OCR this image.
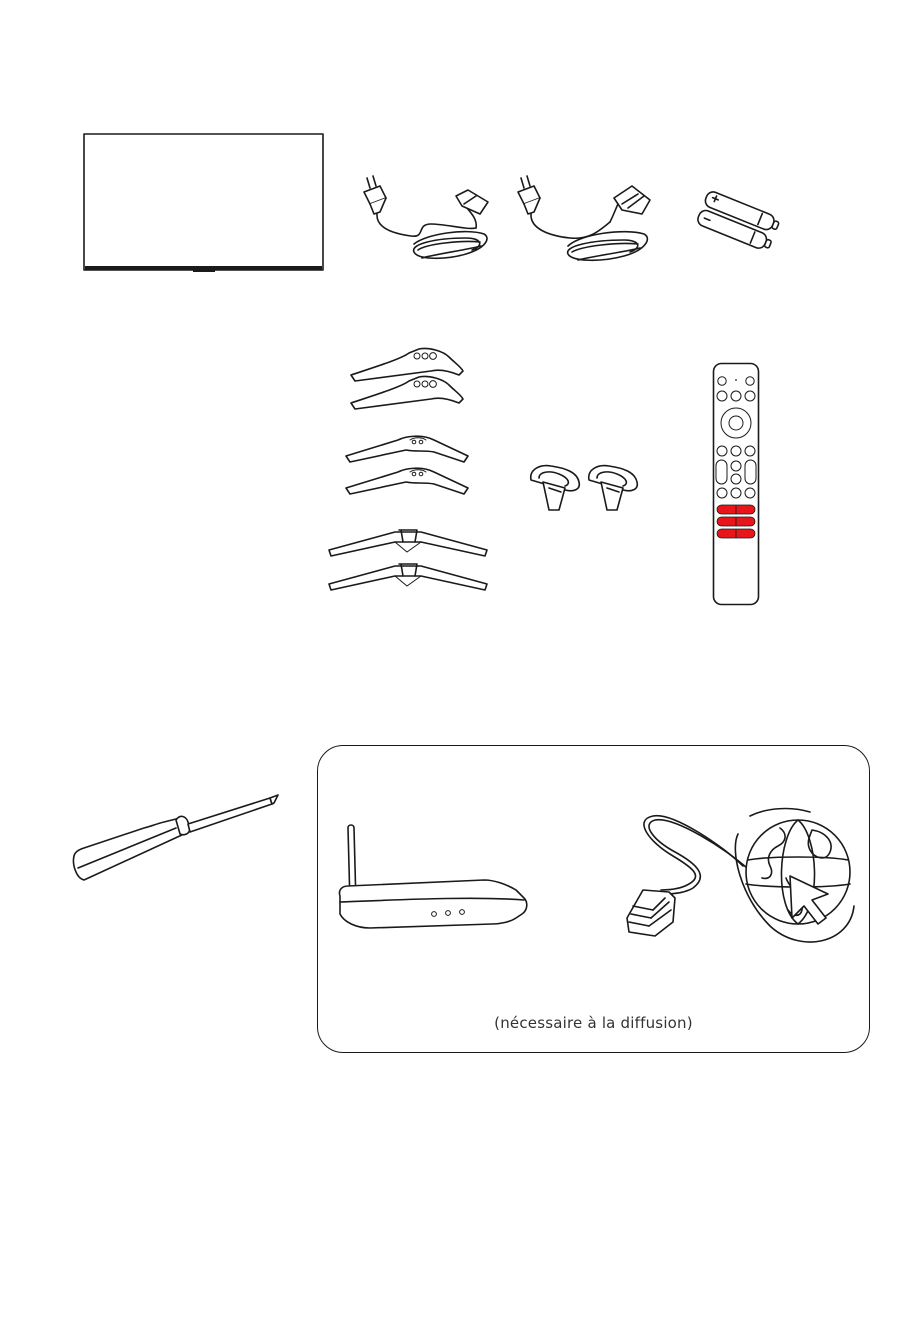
(nécessaire à la diffusion)
